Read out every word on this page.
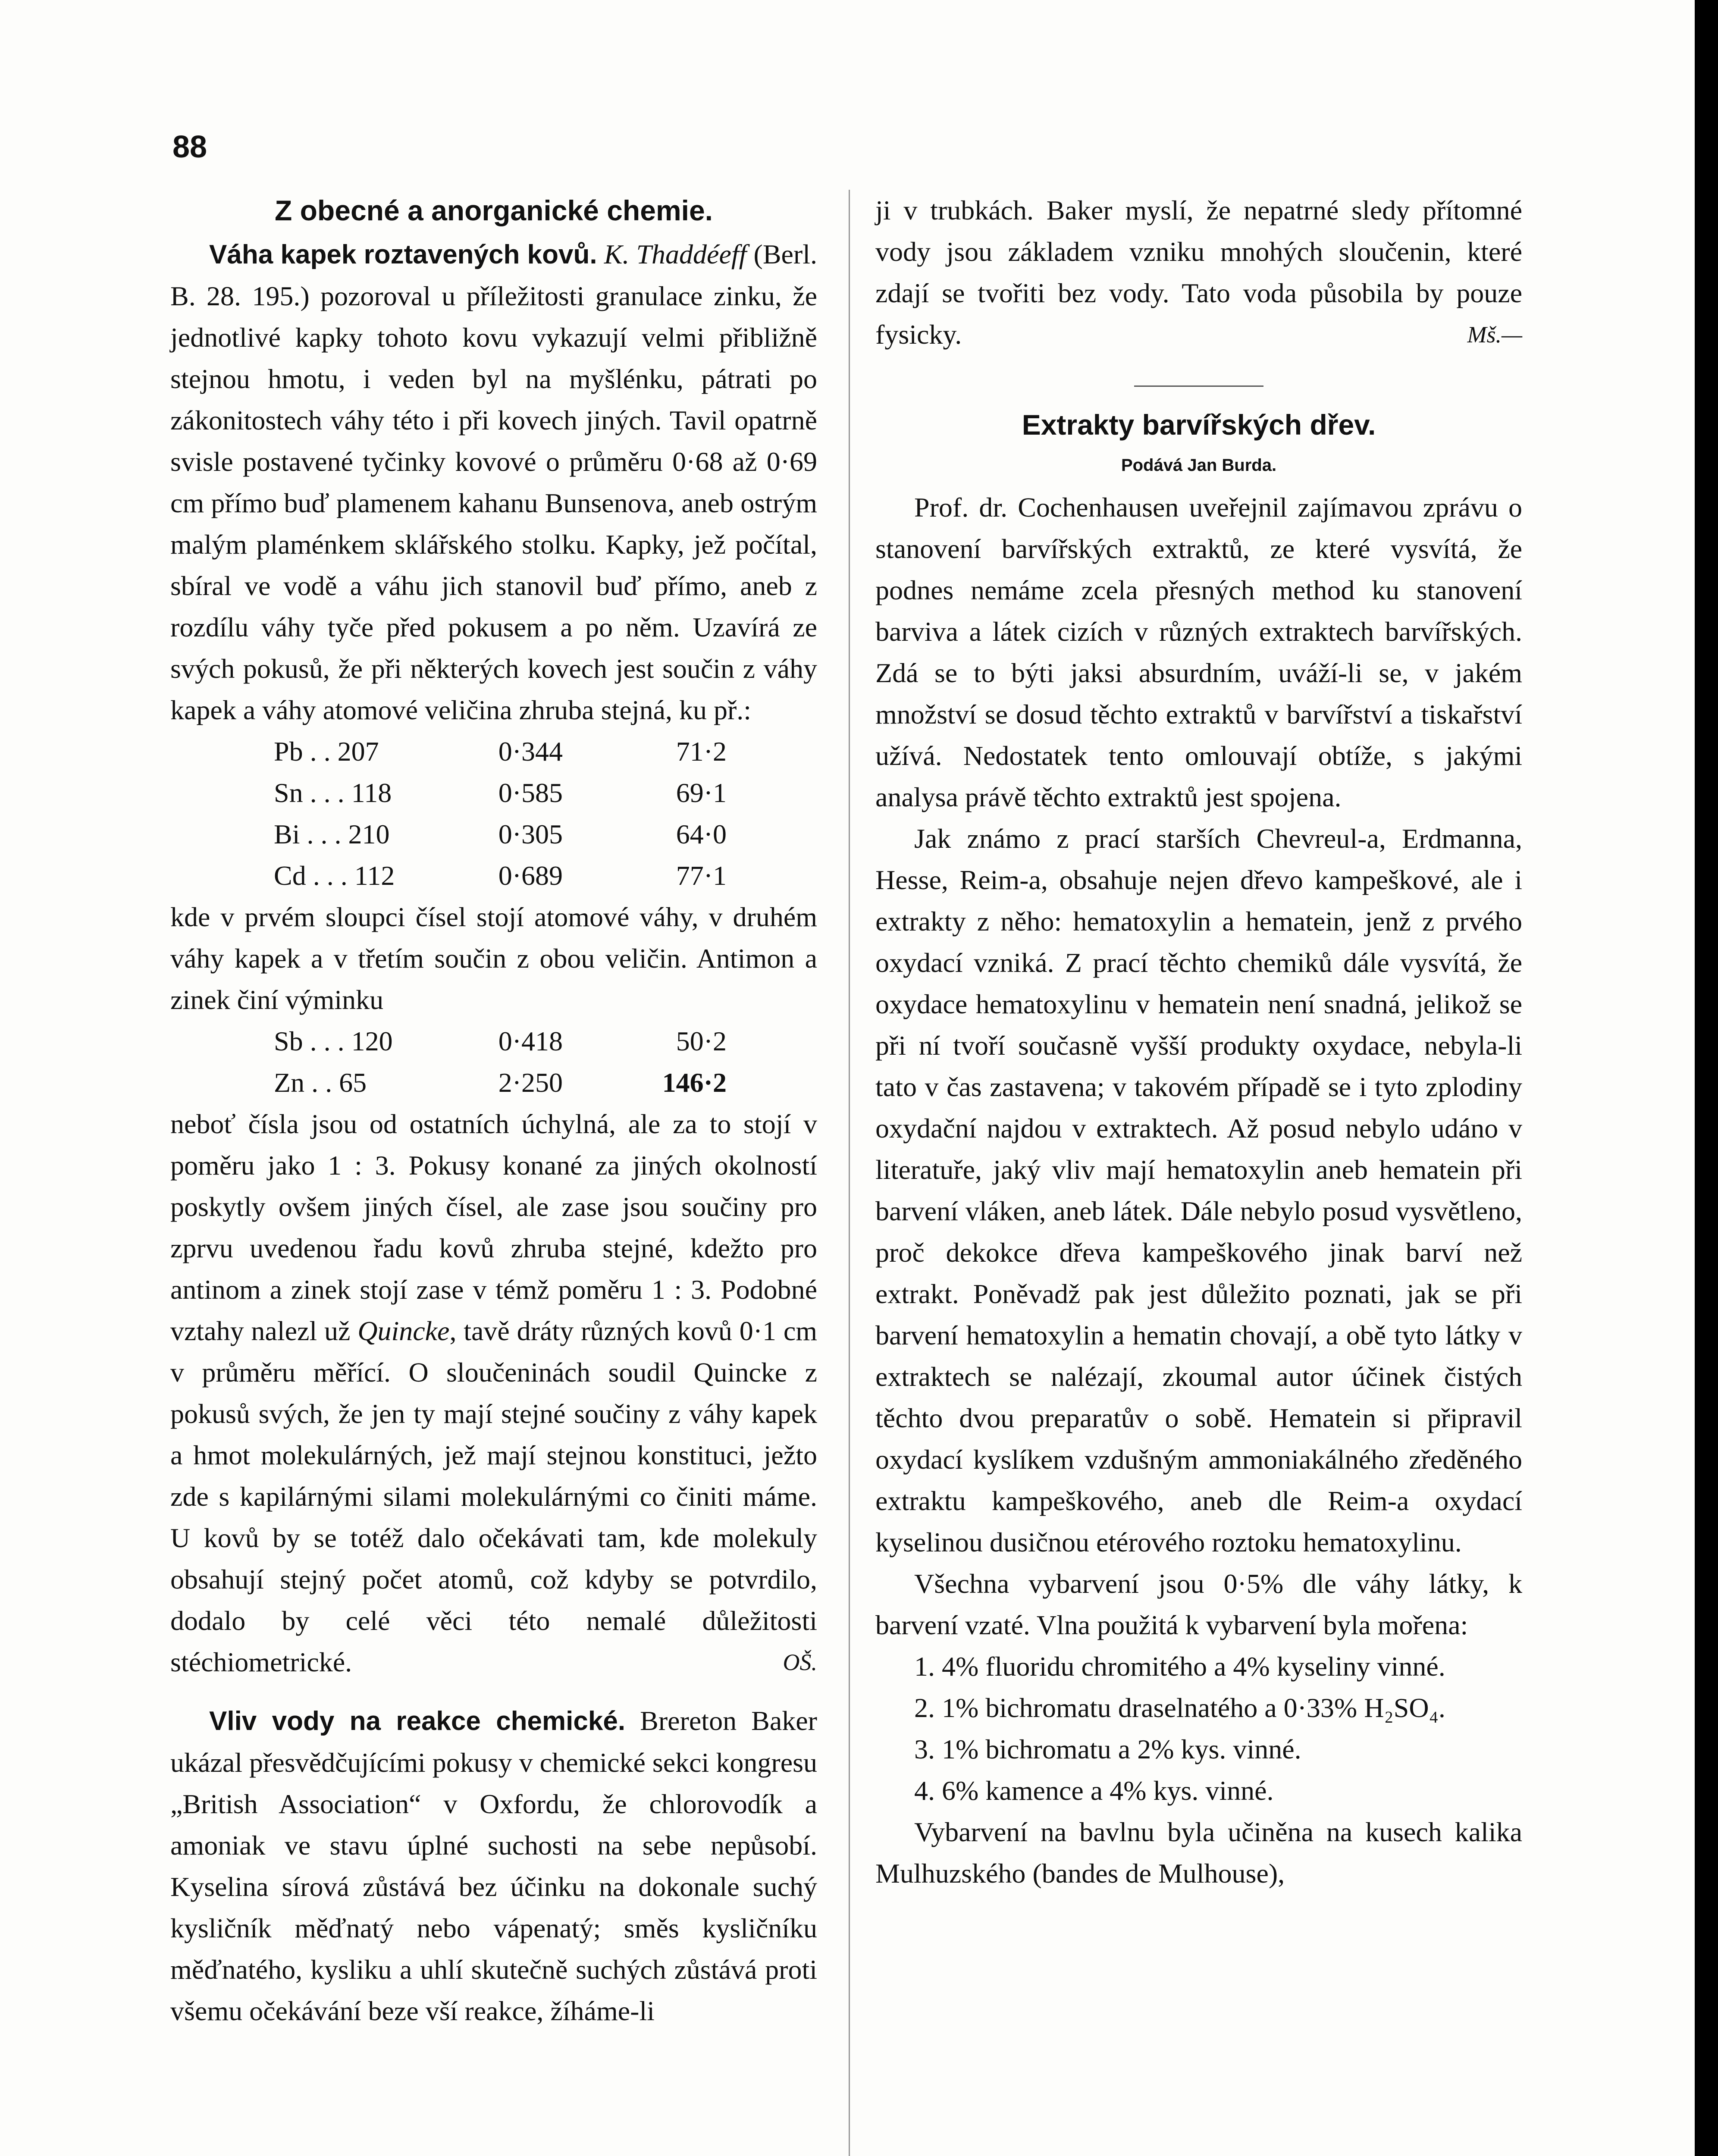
88
Z obecné a anorganické chemie.

Váha kapek roztavených kovů. K. Thaddéeff (Berl. B. 28. 195.) pozoroval u příležitosti granulace zinku, že jednotlivé kapky tohoto kovu vykazují velmi přibližně stejnou hmotu, i veden byl na myšlénku, pátrati po zákonitostech váhy této i při kovech jiných. Tavil opatrně svisle postavené tyčinky kovové o průměru 0·68 až 0·69 cm přímo buď plamenem kahanu Bunsenova, aneb ostrým malým plaménkem sklářského stolku. Kapky, jež počítal, sbíral ve vodě a váhu jich stanovil buď přímo, aneb z rozdílu váhy tyče před pokusem a po něm. Uzavírá ze svých pokusů, že při některých kovech jest součin z váhy kapek a váhy atomové veličina zhruba stejná, ku př.:

Pb . . 207	0·344	71·2
Sn . . . 118	0·585	69·1
Bi . . . 210	0·305	64·0
Cd . . . 112	0·689	77·1

kde v prvém sloupci čísel stojí atomové váhy, v druhém váhy kapek a v třetím součin z obou veličin. Antimon a zinek činí výminku

Sb . . . 120	0·418	50·2
Zn . . 65	2·250	146·2

neboť čísla jsou od ostatních úchylná, ale za to stojí v poměru jako 1 : 3. Pokusy konané za jiných okolností poskytly ovšem jiných čísel, ale zase jsou součiny pro zprvu uvedenou řadu kovů zhruba stejné, kdežto pro antinom a zinek stojí zase v témž poměru 1 : 3. Podobné vztahy nalezl už Quincke, tavě dráty různých kovů 0·1 cm v průměru měřící. O sloučeninách soudil Quincke z pokusů svých, že jen ty mají stejné součiny z váhy kapek a hmot molekulárných, jež mají stejnou konstituci, ježto zde s kapilárnými silami molekulárnými co činiti máme. U kovů by se totéž dalo očekávati tam, kde molekuly obsahují stejný počet atomů, což kdyby se potvrdilo, dodalo by celé věci této nemalé důležitosti stéchiometrické.	OŠ.

Vliv vody na reakce chemické. Brereton Baker ukázal přesvědčujícími pokusy v chemické sekci kongresu „British Association“ v Oxfordu, že chlorovodík a amoniak ve stavu úplné suchosti na sebe nepůsobí. Kyselina sírová zůstává bez účinku na dokonale suchý kysličník měďnatý nebo vápenatý; směs kysličníku měďnatého, kysliku a uhlí skutečně suchých zůstává proti všemu očekávání beze vší reakce, žíháme-li

ji v trubkách. Baker myslí, že nepatrné sledy přítomné vody jsou základem vzniku mnohých sloučenin, které zdají se tvořiti bez vody. Tato voda působila by pouze fysicky.	Mš.—

Extrakty barvířských dřev.
Podává Jan Burda.

Prof. dr. Cochenhausen uveřejnil zajímavou zprávu o stanovení barvířských extraktů, ze které vysvítá, že podnes nemáme zcela přesných method ku stanovení barviva a látek cizích v různých extraktech barvířských. Zdá se to býti jaksi absurdním, uváží-li se, v jakém množství se dosud těchto extraktů v barvířství a tiskařství užívá. Nedostatek tento omlouvají obtíže, s jakými analysa právě těchto extraktů jest spojena.

Jak známo z prací starších Chevreul-a, Erdmanna, Hesse, Reim-a, obsahuje nejen dřevo kampeškové, ale i extrakty z něho: hematoxylin a hematein, jenž z prvého oxydací vzniká. Z prací těchto chemiků dále vysvítá, že oxydace hematoxylinu v hematein není snadná, jelikož se při ní tvoří současně vyšší produkty oxydace, nebyla-li tato v čas zastavena; v takovém případě se i tyto zplodiny oxydační najdou v extraktech. Až posud nebylo udáno v literatuře, jaký vliv mají hematoxylin aneb hematein při barvení vláken, aneb látek. Dále nebylo posud vysvětleno, proč dekokce dřeva kampeškového jinak barví než extrakt. Poněvadž pak jest důležito poznati, jak se při barvení hematoxylin a hematin chovají, a obě tyto látky v extraktech se nalézají, zkoumal autor účinek čistých těchto dvou preparatův o sobě. Hematein si připravil oxydací kyslíkem vzdušným ammoniakálného zředěného extraktu kampeškového, aneb dle Reim-a oxydací kyselinou dusičnou etérového roztoku hematoxylinu.

Všechna vybarvení jsou 0·5% dle váhy látky, k barvení vzaté. Vlna použitá k vybarvení byla mořena:

1. 4% fluoridu chromitého a 4% kyseliny vinné.

2. 1% bichromatu draselnatého a 0·33% H₂SO₄.

3. 1% bichromatu a 2% kys. vinné.

4. 6% kamence a 4% kys. vinné.

Vybarvení na bavlnu byla učiněna na kusech kalika Mulhuzského (bandes de Mulhouse),
